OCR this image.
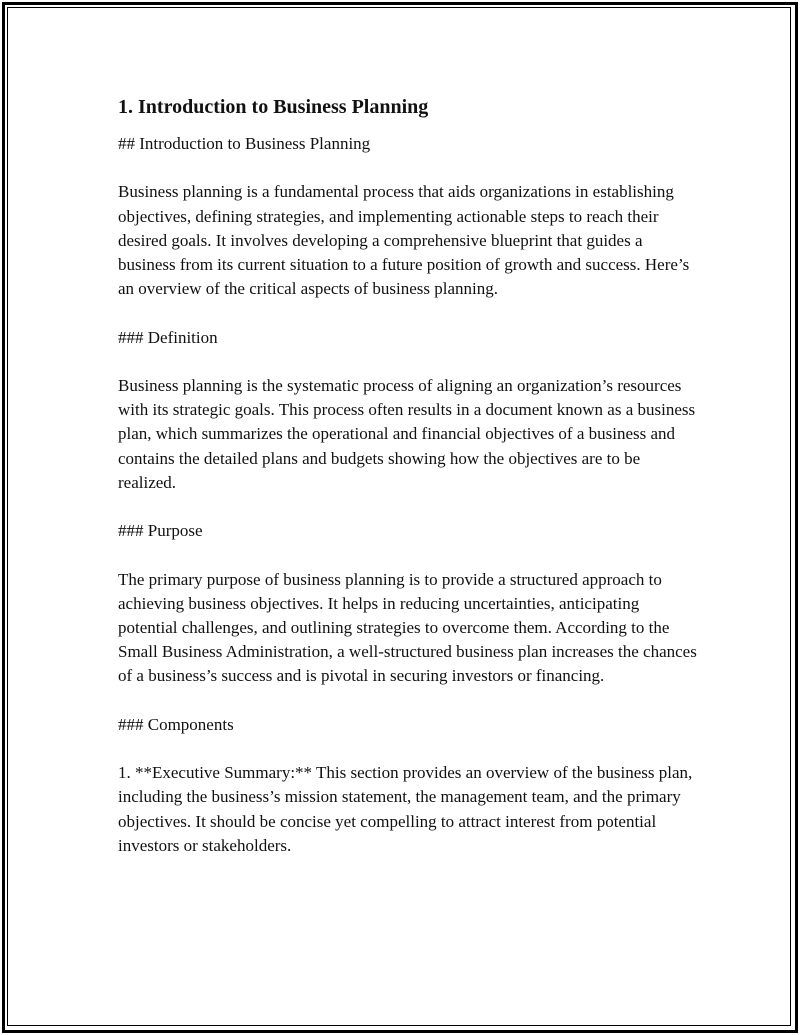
1. Introduction to Business Planning

## Introduction to Business Planning

Business planning is a fundamental process that aids organizations in establishing objectives, defining strategies, and implementing actionable steps to reach their desired goals. It involves developing a comprehensive blueprint that guides a business from its current situation to a future position of growth and success. Here’s an overview of the critical aspects of business planning.

### Definition

Business planning is the systematic process of aligning an organization’s resources with its strategic goals. This process often results in a document known as a business plan, which summarizes the operational and financial objectives of a business and contains the detailed plans and budgets showing how the objectives are to be realized.

### Purpose

The primary purpose of business planning is to provide a structured approach to achieving business objectives. It helps in reducing uncertainties, anticipating potential challenges, and outlining strategies to overcome them. According to the Small Business Administration, a well-structured business plan increases the chances of a business’s success and is pivotal in securing investors or financing.

### Components

1. **Executive Summary:** This section provides an overview of the business plan, including the business’s mission statement, the management team, and the primary objectives. It should be concise yet compelling to attract interest from potential investors or stakeholders.
